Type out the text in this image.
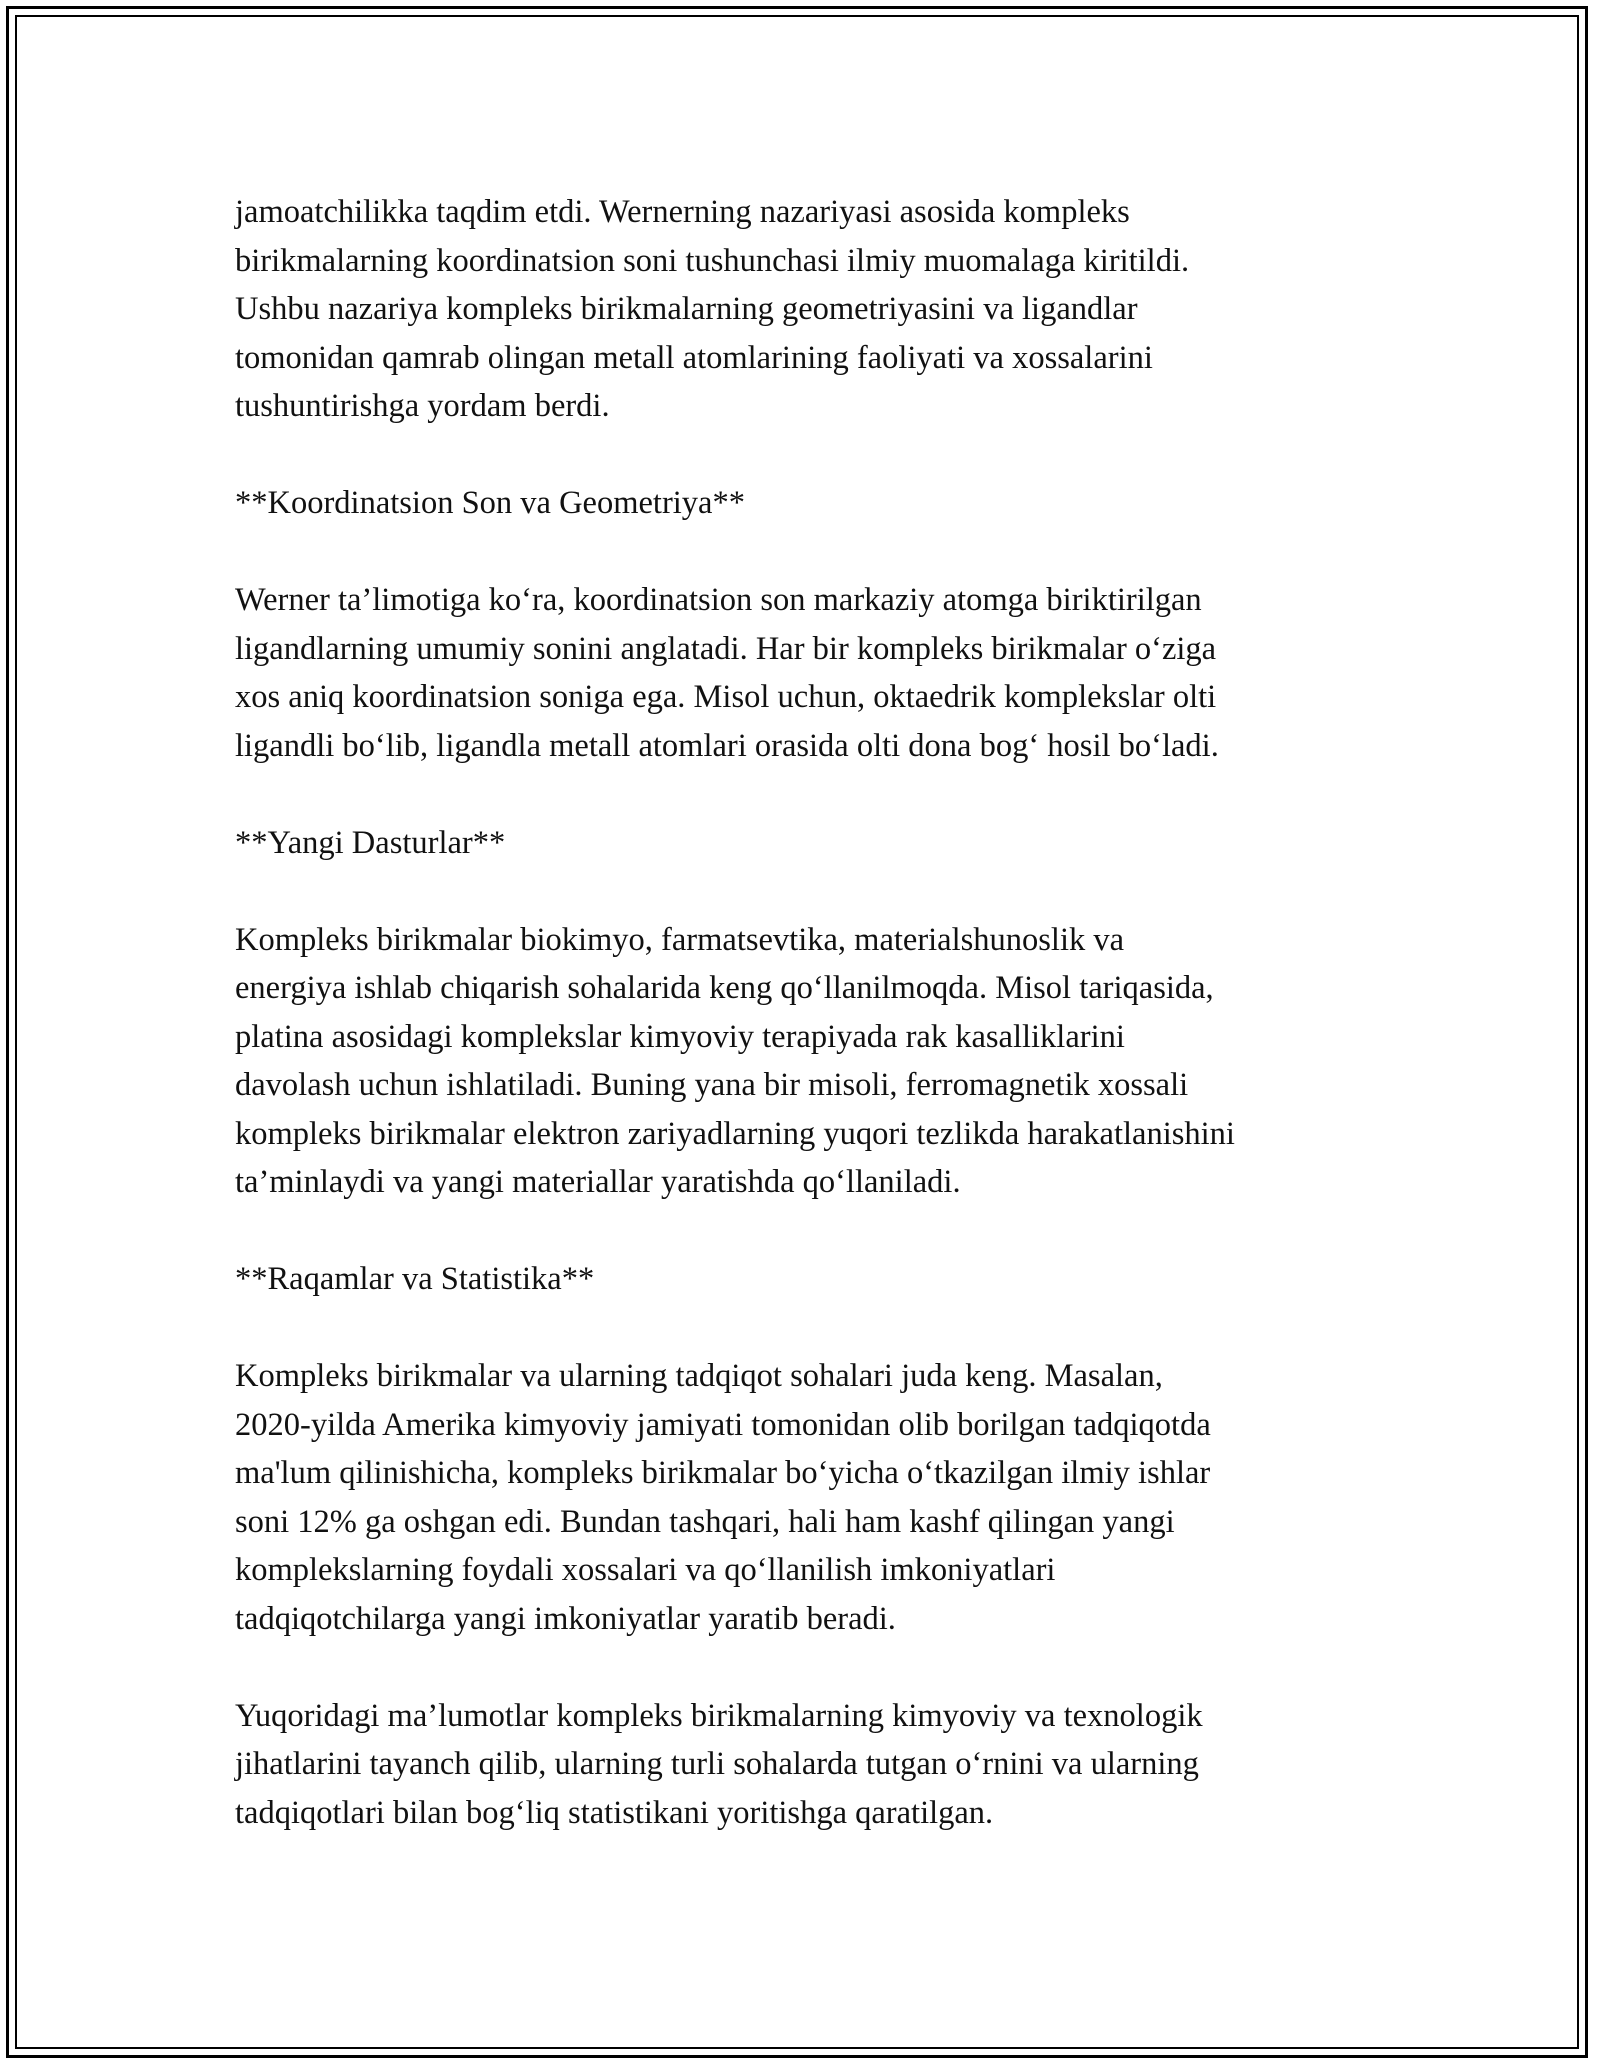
jamoatchilikka taqdim etdi. Wernerning nazariyasi asosida kompleks
birikmalarning koordinatsion soni tushunchasi ilmiy muomalaga kiritildi.
Ushbu nazariya kompleks birikmalarning geometriyasini va ligandlar
tomonidan qamrab olingan metall atomlarining faoliyati va xossalarini
tushuntirishga yordam berdi.

**Koordinatsion Son va Geometriya**

Werner ta’limotiga ko‘ra, koordinatsion son markaziy atomga biriktirilgan
ligandlarning umumiy sonini anglatadi. Har bir kompleks birikmalar o‘ziga
xos aniq koordinatsion soniga ega. Misol uchun, oktaedrik komplekslar olti
ligandli bo‘lib, ligandla metall atomlari orasida olti dona bog‘ hosil bo‘ladi.

**Yangi Dasturlar**

Kompleks birikmalar biokimyo, farmatsevtika, materialshunoslik va
energiya ishlab chiqarish sohalarida keng qo‘llanilmoqda. Misol tariqasida,
platina asosidagi komplekslar kimyoviy terapiyada rak kasalliklarini
davolash uchun ishlatiladi. Buning yana bir misoli, ferromagnetik xossali
kompleks birikmalar elektron zariyadlarning yuqori tezlikda harakatlanishini
ta’minlaydi va yangi materiallar yaratishda qo‘llaniladi.

**Raqamlar va Statistika**

Kompleks birikmalar va ularning tadqiqot sohalari juda keng. Masalan,
2020-yilda Amerika kimyoviy jamiyati tomonidan olib borilgan tadqiqotda
ma'lum qilinishicha, kompleks birikmalar bo‘yicha o‘tkazilgan ilmiy ishlar
soni 12% ga oshgan edi. Bundan tashqari, hali ham kashf qilingan yangi
komplekslarning foydali xossalari va qo‘llanilish imkoniyatlari
tadqiqotchilarga yangi imkoniyatlar yaratib beradi.

Yuqoridagi ma’lumotlar kompleks birikmalarning kimyoviy va texnologik
jihatlarini tayanch qilib, ularning turli sohalarda tutgan o‘rnini va ularning
tadqiqotlari bilan bog‘liq statistikani yoritishga qaratilgan.
